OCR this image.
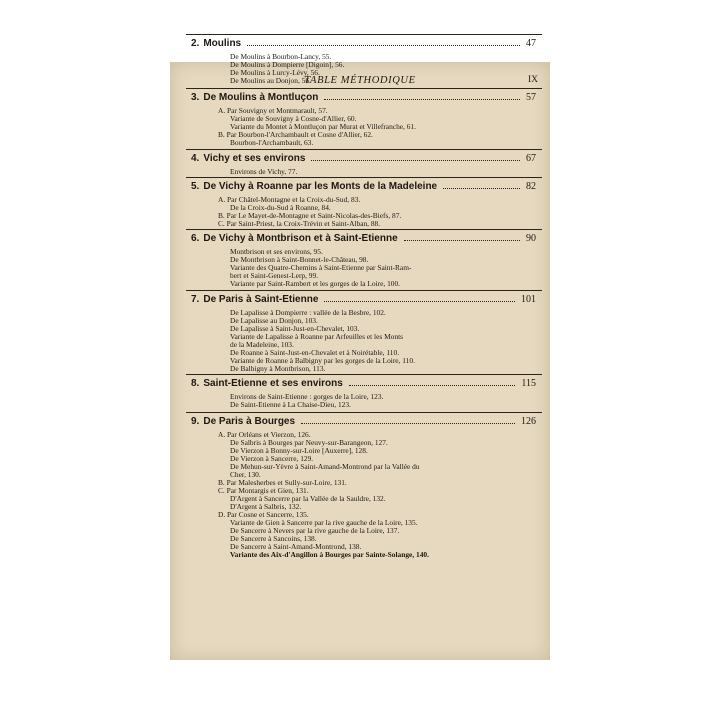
TABLE MÉTHODIQUE	IX
2. Moulins	47
De Moulins à Bourbon-Lancy, 55.
De Moulins à Dompierre [Digoin], 56.
De Moulins à Lurcy-Lévy, 56.
De Moulins au Donjon, 56.
3. De Moulins à Montluçon	57
A. Par Souvigny et Montmarault, 57.
Variante de Souvigny à Cosne-d'Allier, 60.
Variante du Montet à Montluçon par Murat et Villefranche, 61.
B. Par Bourbon-l'Archambault et Cosne d'Allier, 62.
Bourbon-l'Archambault, 63.
4. Vichy et ses environs	67
Environs de Vichy, 77.
5. De Vichy à Roanne par les Monts de la Madeleine	82
A. Par Châtel-Montagne et la Croix-du-Sud, 83.
De la Croix-du-Sud à Roanne, 84.
B. Par Le Mayet-de-Montagne et Saint-Nicolas-des-Biefs, 87.
C. Par Saint-Priest, la Croix-Trévin et Saint-Alban, 88.
6. De Vichy à Montbrison et à Saint-Etienne	90
Montbrison et ses environs, 95.
De Montbrison à Saint-Bonnet-le-Château, 98.
Variante des Quatre-Chemins à Saint-Etienne par Saint-Ram-
bert et Saint-Genest-Lerp, 99.
Variante par Saint-Rambert et les gorges de la Loire, 100.
7. De Paris à Saint-Etienne	101
De Lapalisse à Dompierre : vallée de la Besbre, 102.
De Lapalisse au Donjon, 103.
De Lapalisse à Saint-Just-en-Chevalet, 103.
Variante de Lapalisse à Roanne par Arfeuilles et les Monts
de la Madeleine, 103.
De Roanne à Saint-Just-en-Chevalet et à Noirétable, 110.
Variante de Roanne à Balbigny par les gorges de la Loire, 110.
De Balbigny à Montbrison, 113.
8. Saint-Etienne et ses environs	115
Environs de Saint-Etienne : gorges de la Loire, 123.
De Saint-Etienne à La Chaise-Dieu, 123.
9. De Paris à Bourges	126
A. Par Orléans et Vierzon, 126.
De Salbris à Bourges par Neuvy-sur-Barangeon, 127.
De Vierzon à Bonny-sur-Loire [Auxerre], 128.
De Vierzon à Sancerre, 129.
De Mehun-sur-Yèvre à Saint-Amand-Montrond par la Vallée du
Cher, 130.
B. Par Malesherbes et Sully-sur-Loire, 131.
C. Par Montargis et Gien, 131.
D'Argent à Sancerre par la Vallée de la Sauldre, 132.
D'Argent à Salbris, 132.
D. Par Cosne et Sancerre, 135.
Variante de Gien à Sancerre par la rive gauche de la Loire, 135.
De Sancerre à Nevers par la rive gauche de la Loire, 137.
De Sancerre à Sancoins, 138.
De Sancerre à Saint-Amand-Montrond, 138.
Variante des Aix-d'Angillon à Bourges par Sainte-Solange, 140.
